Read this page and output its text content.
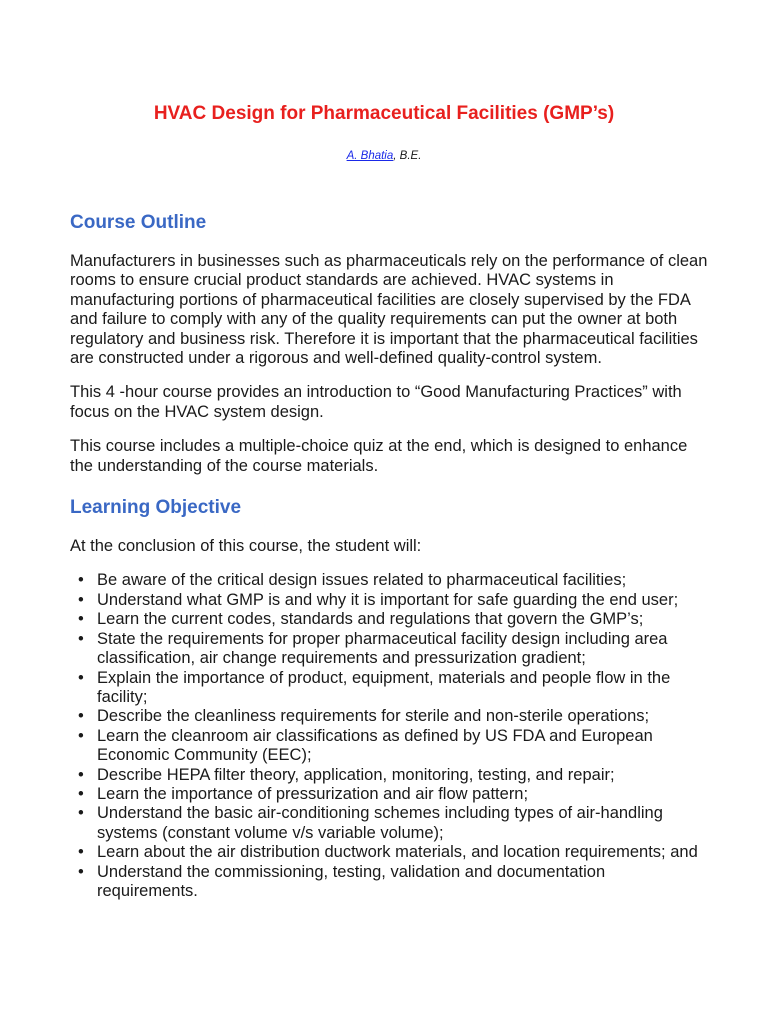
HVAC Design for Pharmaceutical Facilities (GMP’s)
A. Bhatia, B.E.
Course Outline

Manufacturers in businesses such as pharmaceuticals rely on the performance of clean rooms to ensure crucial product standards are achieved. HVAC systems in manufacturing portions of pharmaceutical facilities are closely supervised by the FDA and failure to comply with any of the quality requirements can put the owner at both regulatory and business risk. Therefore it is important that the pharmaceutical facilities are constructed under a rigorous and well-defined quality-control system.

This 4 -hour course provides an introduction to “Good Manufacturing Practices” with focus on the HVAC system design.

This course includes a multiple-choice quiz at the end, which is designed to enhance the understanding of the course materials.

Learning Objective

At the conclusion of this course, the student will:

• Be aware of the critical design issues related to pharmaceutical facilities;
• Understand what GMP is and why it is important for safe guarding the end user;
• Learn the current codes, standards and regulations that govern the GMP’s;
• State the requirements for proper pharmaceutical facility design including area classification, air change requirements and pressurization gradient;
• Explain the importance of product, equipment, materials and people flow in the facility;
• Describe the cleanliness requirements for sterile and non-sterile operations;
• Learn the cleanroom air classifications as defined by US FDA and European Economic Community (EEC);
• Describe HEPA filter theory, application, monitoring, testing, and repair;
• Learn the importance of pressurization and air flow pattern;
• Understand the basic air-conditioning schemes including types of air-handling systems (constant volume v/s variable volume);
• Learn about the air distribution ductwork materials, and location requirements; and
• Understand the commissioning, testing, validation and documentation requirements.
